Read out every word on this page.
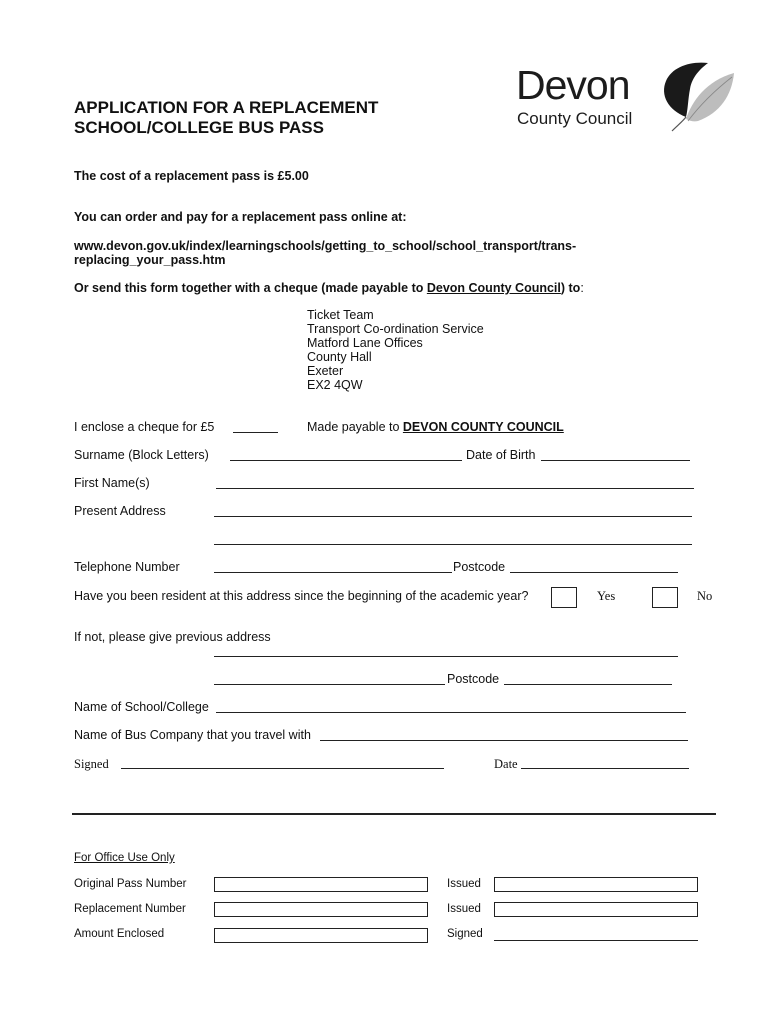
Devon
County Council
APPLICATION FOR A REPLACEMENT
SCHOOL/COLLEGE BUS PASS
The cost of a replacement pass is £5.00
You can order and pay for a replacement pass online at:
www.devon.gov.uk/index/learningschools/getting_to_school/school_transport/trans-
replacing_your_pass.htm
Or send this form together with a cheque (made payable to Devon County Council) to:
Ticket Team
Transport Co-ordination Service
Matford Lane Offices
County Hall
Exeter
EX2 4QW
I enclose a cheque for £5	Made payable to DEVON COUNTY COUNCIL
Surname (Block Letters)	Date of Birth
First Name(s)
Present Address
Telephone Number	Postcode
Have you been resident at this address since the beginning of the academic year?	Yes	No
If not, please give previous address
Postcode
Name of School/College
Name of Bus Company that you travel with
Signed	Date
For Office Use Only
Original Pass Number	Issued
Replacement Number	Issued
Amount Enclosed	Signed
